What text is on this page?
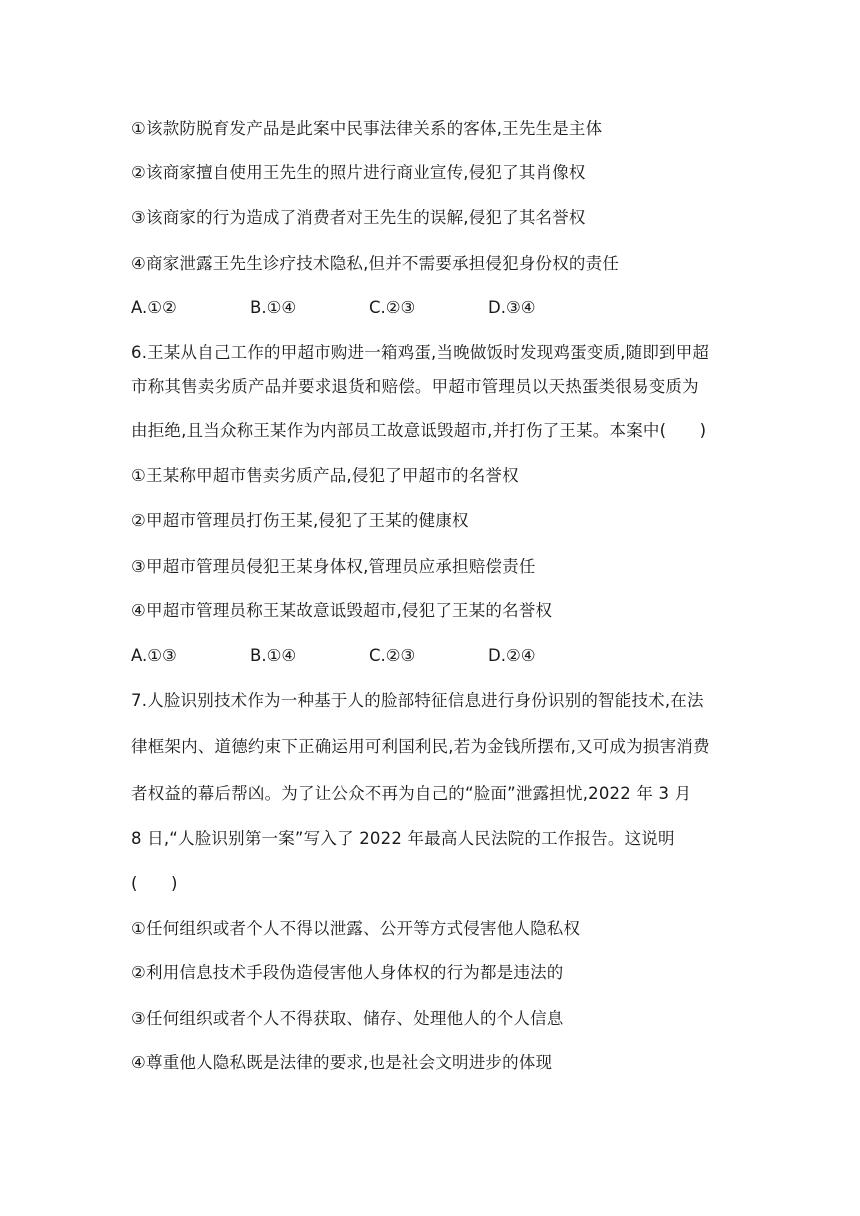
①该款防脱育发产品是此案中民事法律关系的客体,王先生是主体
②该商家擅自使用王先生的照片进行商业宣传,侵犯了其肖像权
③该商家的行为造成了消费者对王先生的误解,侵犯了其名誉权
④商家泄露王先生诊疗技术隐私,但并不需要承担侵犯身份权的责任
A.①②	B.①④	C.②③	D.③④
6.王某从自己工作的甲超市购进一箱鸡蛋,当晚做饭时发现鸡蛋变质,随即到甲超
市称其售卖劣质产品并要求退货和赔偿。甲超市管理员以天热蛋类很易变质为
由拒绝,且当众称王某作为内部员工故意诋毁超市,并打伤了王某。本案中(　　)
①王某称甲超市售卖劣质产品,侵犯了甲超市的名誉权
②甲超市管理员打伤王某,侵犯了王某的健康权
③甲超市管理员侵犯王某身体权,管理员应承担赔偿责任
④甲超市管理员称王某故意诋毁超市,侵犯了王某的名誉权
A.①③	B.①④	C.②③	D.②④
7.人脸识别技术作为一种基于人的脸部特征信息进行身份识别的智能技术,在法
律框架内、道德约束下正确运用可利国利民,若为金钱所摆布,又可成为损害消费
者权益的幕后帮凶。为了让公众不再为自己的“脸面”泄露担忧,2022 年 3 月
8 日,“人脸识别第一案”写入了 2022 年最高人民法院的工作报告。这说明
(　　)
①任何组织或者个人不得以泄露、公开等方式侵害他人隐私权
②利用信息技术手段伪造侵害他人身体权的行为都是违法的
③任何组织或者个人不得获取、储存、处理他人的个人信息
④尊重他人隐私既是法律的要求,也是社会文明进步的体现
